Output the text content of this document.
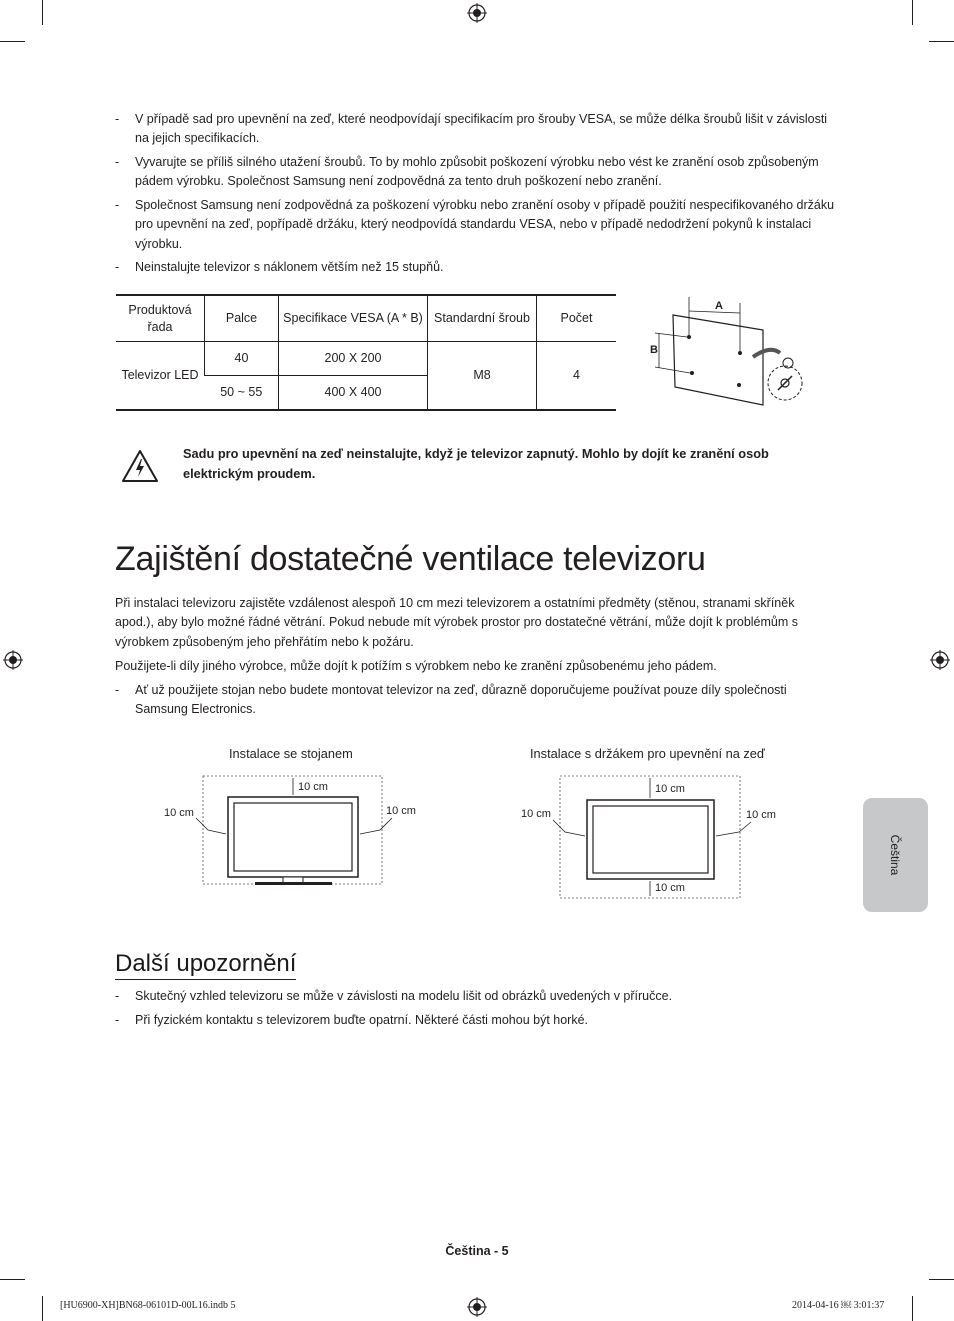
- V případě sad pro upevnění na zeď, které neodpovídají specifikacím pro šrouby VESA, se může délka šroubů lišit v závislosti na jejich specifikacích.
- Vyvarujte se příliš silného utažení šroubů. To by mohlo způsobit poškození výrobku nebo vést ke zranění osob způsobeným pádem výrobku. Společnost Samsung není zodpovědná za tento druh poškození nebo zranění.
- Společnost Samsung není zodpovědná za poškození výrobku nebo zranění osoby v případě použití nespecifikovaného držáku pro upevnění na zeď, popřípadě držáku, který neodpovídá standardu VESA, nebo v případě nedodržení pokynů k instalaci výrobku.
- Neinstalujte televizor s náklonem větším než 15 stupňů.
Produktová řada	Palce	Specifikace VESA (A * B)	Standardní šroub	Počet
Televizor LED	40	200 X 200	M8	4
	50 ~ 55	400 X 400		
A
B
Sadu pro upevnění na zeď neinstalujte, když je televizor zapnutý. Mohlo by dojít ke zranění osob elektrickým proudem.
Zajištění dostatečné ventilace televizoru
Při instalaci televizoru zajistěte vzdálenost alespoň 10 cm mezi televizorem a ostatními předměty (stěnou, stranami skříněk apod.), aby bylo možné řádné větrání. Pokud nebude mít výrobek prostor pro dostatečné větrání, může dojít k problémům s výrobkem způsobeným jeho přehřátím nebo k požáru.
Použijete-li díly jiného výrobce, může dojít k potížím s výrobkem nebo ke zranění způsobenému jeho pádem.
- Ať už použijete stojan nebo budete montovat televizor na zeď, důrazně doporučujeme používat pouze díly společnosti Samsung Electronics.
Instalace se stojanem	Instalace s držákem pro upevnění na zeď
10 cm
10 cm	10 cm
10 cm
10 cm
10 cm	10 cm
Další upozornění
- Skutečný vzhled televizoru se může v závislosti na modelu lišit od obrázků uvedených v příručce.
- Při fyzickém kontaktu s televizorem buďte opatrní. Některé části mohou být horké.
Čeština
Čeština - 5
[HU6900-XH]BN68-06101D-00L16.indb 5	2014-04-16 ￼ 3:01:37
